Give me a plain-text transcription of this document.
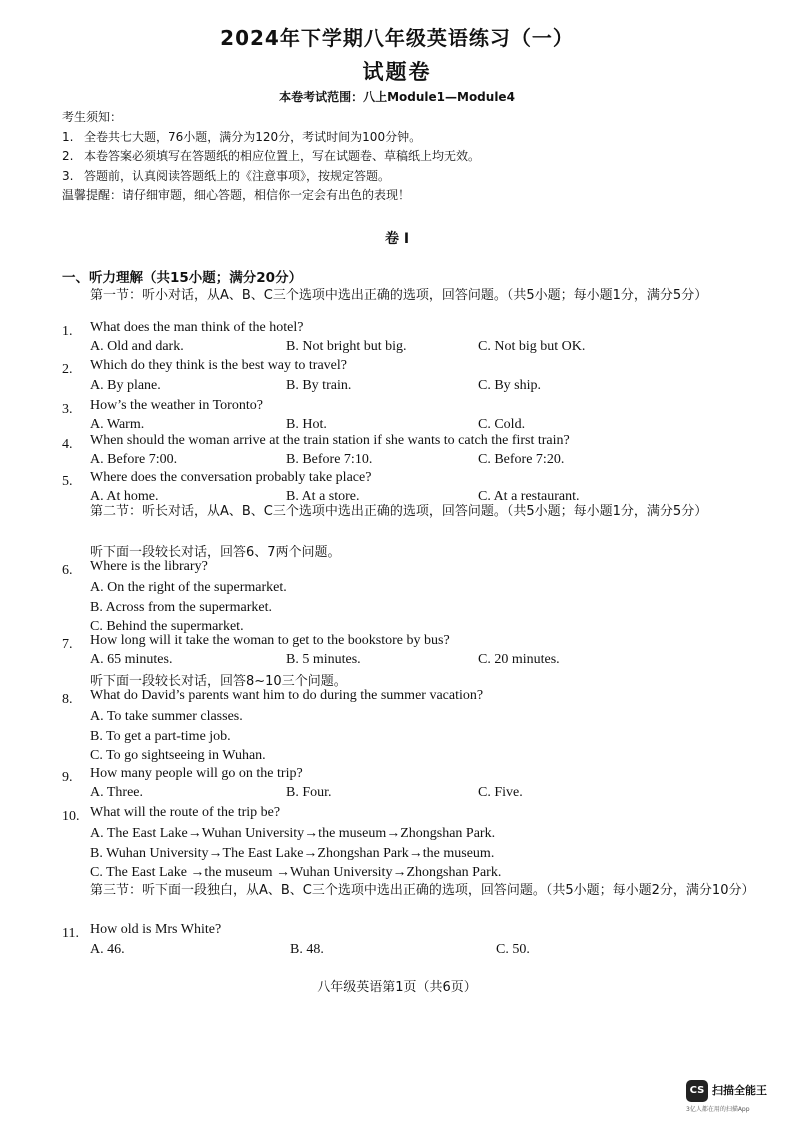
2024年下学期八年级英语练习（一）
试题卷
本卷考试范围：八上Module1—Module4
考生须知：
1. 全卷共七大题，76小题，满分为120分，考试时间为100分钟。
2. 本卷答案必须填写在答题纸的相应位置上，写在试题卷、草稿纸上均无效。
3. 答题前，认真阅读答题纸上的《注意事项》，按规定答题。
温馨提醒：请仔细审题，细心答题，相信你一定会有出色的表现！
卷 I
一、听力理解（共15小题；满分20分）
第一节：听小对话，从A、B、C三个选项中选出正确的选项，回答问题。（共5小题；每小题1分，满分5分）
1. What does the man think of the hotel?
A. Old and dark.	B. Not bright but big.	C. Not big but OK.
2. Which do they think is the best way to travel?
A. By plane.	B. By train.	C. By ship.
3. How’s the weather in Toronto?
A. Warm.	B. Hot.	C. Cold.
4. When should the woman arrive at the train station if she wants to catch the first train?
A. Before 7:00.	B. Before 7:10.	C. Before 7:20.
5. Where does the conversation probably take place?
A. At home.	B. At a store.	C. At a restaurant.
第二节：听长对话，从A、B、C三个选项中选出正确的选项，回答问题。（共5小题；每小题1分，满分5分）
听下面一段较长对话，回答6、7两个问题。
6. Where is the library?
A. On the right of the supermarket.
B. Across from the supermarket.
C. Behind the supermarket.
7. How long will it take the woman to get to the bookstore by bus?
A. 65 minutes.	B. 5 minutes.	C. 20 minutes.
听下面一段较长对话，回答8~10三个问题。
8. What do David’s parents want him to do during the summer vacation?
A. To take summer classes.
B. To get a part-time job.
C. To go sightseeing in Wuhan.
9. How many people will go on the trip?
A. Three.	B. Four.	C. Five.
10. What will the route of the trip be?
A. The East Lake→Wuhan University→the museum→Zhongshan Park.
B. Wuhan University→The East Lake→Zhongshan Park→the museum.
C. The East Lake →the museum →Wuhan University→Zhongshan Park.
第三节：听下面一段独白，从A、B、C三个选项中选出正确的选项，回答问题。（共5小题；每小题2分，满分10分）
11. How old is Mrs White?
A. 46.	B. 48.	C. 50.
八年级英语第1页（共6页）
CS 扫描全能王
3亿人都在用的扫描App
